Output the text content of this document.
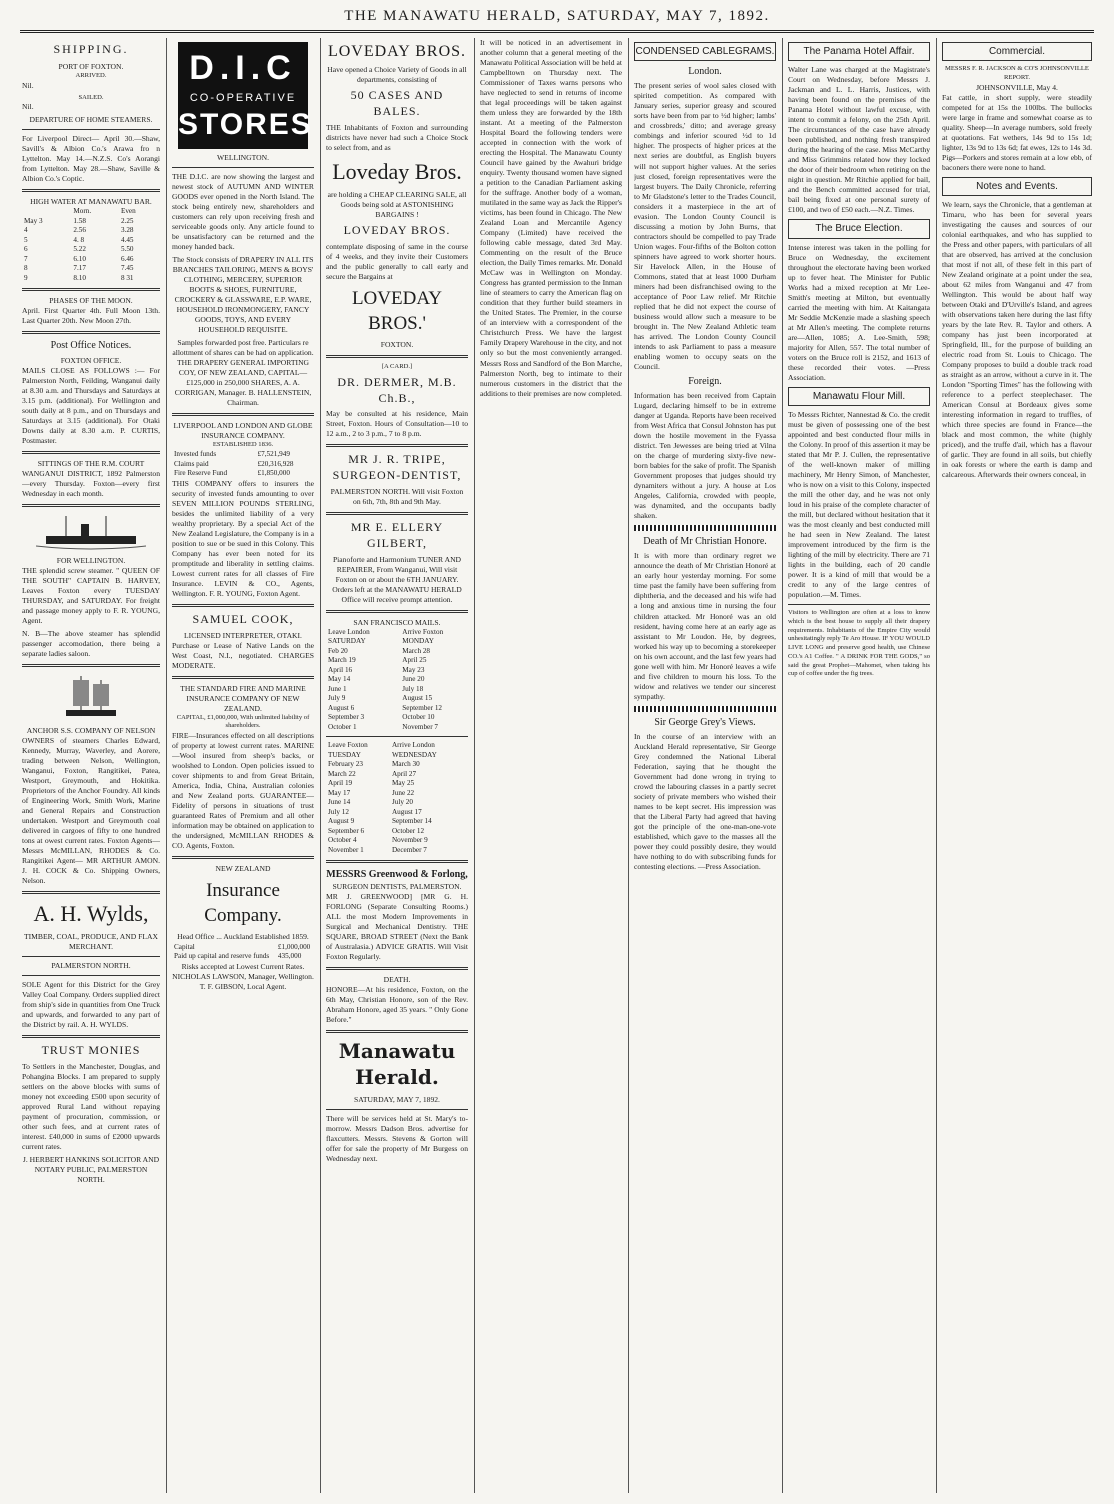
THE MANAWATU HERALD, SATURDAY, MAY 7, 1892.
SHIPPING.
PORT OF FOXTON.
ARRIVED.

Nil.

SAILED.

Nil.

DEPARTURE OF HOME STEAMERS.

For Liverpool Direct— April 30.—Shaw, Savill's & Albion Co.'s Arawa fro n Lyttelton. May 14.—N.Z.S. Co's Aorangi from Lyttelton. May 28.—Shaw, Saville & Albion Co.'s Coptic.

HIGH WATER AT MANAWATU BAR.
	Morn.	Even
May 3	1.58	2.25
4	2.56	3.28
5	4. 8	4.45
6	5.22	5.50
7	6.10	6.46
8	7.17	7.45
9	8.10	8 31
PHASES OF THE MOON.

April. First Quarter 4th. Full Moon 13th. Last Quarter 20th. New Moon 27th.

Post Office Notices.
FOXTON OFFICE.

MAILS CLOSE AS FOLLOWS :— For Palmerston North, Feilding, Wanganui daily at 8.30 a.m. and Thursdays and Saturdays at 3.15 p.m. (additional). For Wellington and south daily at 8 p.m., and on Thursdays and Saturdays at 3.15 (additional). For Otaki Downs daily at 8.30 a.m. P. CURTIS, Postmaster.

SITTINGS OF THE R.M. COURT

WANGANUI DISTRICT, 1892 Palmerston—every Thursday. Foxton—every first Wednesday in each month.

FOR WELLINGTON.

THE splendid screw steamer. " QUEEN OF THE SOUTH" CAPTAIN B. HARVEY, Leaves Foxton every TUESDAY THURSDAY, and SATURDAY. For freight and passage money apply to F. R. YOUNG, Agent.

N. B—The above steamer has splendid passenger accomodation, there being a separate ladies saloon.

ANCHOR S.S. COMPANY OF NELSON

OWNERS of steamers Charles Edward, Kennedy, Murray, Waverley, and Aorere, trading between Nelson, Wellington, Wanganui, Foxton, Rangitikei, Patea, Westport, Greymouth, and Hokitika. Proprietors of the Anchor Foundry. All kinds of Engineering Work, Smith Work, Marine and General Repairs and Construction undertaken. Westport and Greymouth coal delivered in cargoes of fifty to one hundred tons at owest current rates. Foxton Agents— Messrs McMILLAN, RHODES & Co. Rangitikei Agent— MR ARTHUR AMON. J. H. COCK & Co. Shipping Owners, Nelson.

A. H. Wylds,
TIMBER, COAL, PRODUCE, AND FLAX MERCHANT.
PALMERSTON NORTH.

SOLE Agent for this District for the Grey Valley Coal Company. Orders supplied direct from ship's side in quantities from One Truck and upwards, and forwarded to any part of the District by rail. A. H. WYLDS.

TRUST MONIES

To Settlers in the Manchester, Douglas, and Pohangina Blocks. I am prepared to supply settlers on the above blocks with sums of money not exceeding £500 upon security of approved Rural Land without repaying payment of procuration, commission, or other such fees, and at current rates of interest. £40,000 in sums of £2000 upwards current rates.

J. HERBERT HANKINS SOLICITOR AND NOTARY PUBLIC, PALMERSTON NORTH.

D.I.C
CO-OPERATIVE
STORES
WELLINGTON.

THE D.I.C. are now showing the largest and newest stock of AUTUMN AND WINTER GOODS ever opened in the North Island. The stock being entirely new, shareholders and customers can rely upon receiving fresh and serviceable goods only. Any article found to be unsatisfactory can be returned and the money handed back.

The Stock consists of DRAPERY IN ALL ITS BRANCHES TAILORING, MEN'S & BOYS' CLOTHING, MERCERY, SUPERIOR BOOTS & SHOES, FURNITURE, CROCKERY & GLASSWARE, E.P. WARE, HOUSEHOLD IRONMONGERY, FANCY GOODS, TOYS, AND EVERY HOUSEHOLD REQUISITE.

Samples forwarded post free. Particulars re allottment of shares can be had on application. THE DRAPERY GENERAL IMPORTING COY, OF NEW ZEALAND, CAPITAL—£125,000 in 250,000 SHARES, A. A. CORRIGAN, Manager. B. HALLENSTEIN, Chairman.

LIVERPOOL AND LONDON AND GLOBE INSURANCE COMPANY.
ESTABLISHED 1836.
Invested funds	£7,521,949
Claims paid	£20,316,928
Fire Reserve Fund	£1,850,000

THIS COMPANY offers to insurers the security of invested funds amounting to over SEVEN MILLION POUNDS STERLING, besides the unlimited liability of a very wealthy proprietary. By a special Act of the New Zealand Legislature, the Company is in a position to sue or be sued in this Colony. This Company has ever been noted for its promptitude and liberality in settling claims. Lowest current rates for all classes of Fire Insurance. LEVIN & CO., Agents, Wellington. F. R. YOUNG, Foxton Agent.

SAMUEL COOK,
LICENSED INTERPRETER, OTAKI.

Purchase or Lease of Native Lands on the West Coast, N.I., negotiated. CHARGES MODERATE.

THE STANDARD FIRE AND MARINE INSURANCE COMPANY OF NEW ZEALAND.
CAPITAL, £1,000,000, With unlimited liability of shareholders.

FIRE—Insurances effected on all descriptions of property at lowest current rates. MARINE—Wool insured from sheep's backs, or woolshed to London. Open policies issued to cover shipments to and from Great Britain, America, India, China, Australian colonies and New Zealand ports. GUARANTEE—Fidelity of persons in situations of trust guaranteed Rates of Premium and all other information may be obtained on application to the undersigned, McMILLAN RHODES & CO. Agents, Foxton.

NEW ZEALAND
Insurance Company.
Head Office ... Auckland Established 1859.
Capital	£1,000,000
Paid up capital and reserve funds	435,000

Risks accepted at Lowest Current Rates. NICHOLAS LAWSON, Manager, Wellington. T. F. GIBSON, Local Agent.

LOVEDAY BROS.

Have opened a Choice Variety of Goods in all departments, consisting of

50 CASES AND BALES.

THE Inhabitants of Foxton and surrounding districts have never had such a Choice Stock to select from, and as

Loveday Bros.

are holding a CHEAP CLEARING SALE, all Goods being sold at ASTONISHING BARGAINS !

LOVEDAY BROS.

contemplate disposing of same in the course of 4 weeks, and they invite their Customers and the public generally to call early and secure the Bargains at

LOVEDAY BROS.'
FOXTON.
[A CARD.]
DR. DERMER, M.B. Ch.B.,

May be consulted at his residence, Main Street, Foxton. Hours of Consultation—10 to 12 a.m., 2 to 3 p.m., 7 to 8 p.m.

MR J. R. TRIPE, SURGEON-DENTIST,

PALMERSTON NORTH. Will visit Foxton on 6th, 7th, 8th and 9th May.

MR E. ELLERY GILBERT,

Pianoforte and Harmonium TUNER AND REPAIRER, From Wanganui, Will visit Foxton on or about the 6TH JANUARY. Orders left at the MANAWATU HERALD Office will receive prompt attention.

SAN FRANCISCO MAILS.
Leave London SATURDAY	Arrive Foxton MONDAY
Feb 20	March 28
March 19	April 25
April 16	May 23
May 14	June 20
June 1	July 18
July 9	August 15
August 6	September 12
September 3	October 10
October 1	November 7
Leave Foxton TUESDAY	Arrive London WEDNESDAY
February 23	March 30
March 22	April 27
April 19	May 25
May 17	June 22
June 14	July 20
July 12	August 17
August 9	September 14
September 6	October 12
October 4	November 9
November 1	December 7
MESSRS Greenwood & Forlong,
SURGEON DENTISTS, PALMERSTON.

MR J. GREENWOOD] [MR G. H. FORLONG (Separate Consulting Rooms.) ALL the most Modern Improvements in Surgical and Mechanical Dentistry. THE SQUARE, BROAD STREET (Next the Bank of Australasia.) ADVICE GRATIS. Will Visit Foxton Regularly.

DEATH.

HONORE—At his residence, Foxton, on the 6th May, Christian Honore, son of the Rev. Abraham Honore, aged 35 years. " Only Gone Before."

Manawatu Herald.
SATURDAY, MAY 7, 1892.

There will be services held at St. Mary's to-morrow. Messrs Dadson Bros. advertise for flaxcutters. Messrs. Stevens & Gorton will offer for sale the property of Mr Burgess on Wednesday next.

It will be noticed in an advertisement in another column that a general meeting of the Manawatu Political Association will be held at Campbelltown on Thursday next. The Commissioner of Taxes warns persons who have neglected to send in returns of income that legal proceedings will be taken against them unless they are forwarded by the 18th instant. At a meeting of the Palmerston Hospital Board the following tenders were accepted in connection with the work of erecting the Hospital. The Manawatu County Council have gained by the Awahuri bridge enquiry. Twenty thousand women have signed a petition to the Canadian Parliament asking for the suffrage. Another body of a woman, mutilated in the same way as Jack the Ripper's victims, has been found in Chicago. The New Zealand Loan and Mercantile Agency Company (Limited) have received the following cable message, dated 3rd May. Commenting on the result of the Bruce election, the Daily Times remarks. Mr. Donald McCaw was in Wellington on Monday. Congress has granted permission to the Inman line of steamers to carry the American flag on condition that they further build steamers in the United States. The Premier, in the course of an interview with a correspondent of the Christchurch Press. We have the largest Family Drapery Warehouse in the city, and not only so but the most conveniently arranged. Messrs Ross and Sandford of the Bon Marche, Palmerston North, beg to intimate to their numerous customers in the district that the additions to their premises are now completed.

CONDENSED CABLEGRAMS.
London.

The present series of wool sales closed with spirited competition. As compared with January series, superior greasy and scoured sorts have been from par to ½d higher; lambs' and crossbreds,' ditto; and average greasy combings and inferior scoured ½d to 1d higher. The prospects of higher prices at the next series are doubtful, as English buyers will not support higher values. At the series just closed, foreign representatives were the largest buyers. The Daily Chronicle, referring to Mr Gladstone's letter to the Trades Council, considers it a masterpiece in the art of evasion. The London County Council is discussing a motion by John Burns, that contractors should be compelled to pay Trade Union wages. Four-fifths of the Bolton cotton spinners have agreed to work shorter hours. Sir Havelock Allen, in the House of Commons, stated that at least 1000 Durham miners had been disfranchised owing to the acceptance of Poor Law relief. Mr Ritchie replied that he did not expect the course of business would allow such a measure to be brought in. The New Zealand Athletic team has arrived. The London County Council intends to ask Parliament to pass a measure enabling women to occupy seats on the Council.

Foreign.

Information has been received from Captain Lugard, declaring himself to be in extreme danger at Uganda. Reports have been received from West Africa that Consul Johnston has put down the hostile movement in the Fyassa district. Ten Jewesses are being tried at Vilna on the charge of murdering sixty-five new-born babies for the sake of profit. The Spanish Government proposes that judges should try dynamiters without a jury. A house at Los Angeles, California, crowded with people, was dynamited, and the occupants badly shaken.

Death of Mr Christian Honore.

It is with more than ordinary regret we announce the death of Mr Christian Honoré at an early hour yesterday morning. For some time past the family have been suffering from diphtheria, and the deceased and his wife had a long and anxious time in nursing the four children attacked. Mr Honoré was an old resident, having come here at an early age as assistant to Mr Loudon. He, by degrees, worked his way up to becoming a storekeeper on his own account, and the last few years had gone well with him. Mr Honoré leaves a wife and five children to mourn his loss. To the widow and relatives we tender our sincerest sympathy.

Sir George Grey's Views.

In the course of an interview with an Auckland Herald representative, Sir George Grey condemned the National Liberal Federation, saying that he thought the Government had done wrong in trying to crowd the labouring classes in a partly secret society of private members who wished their names to be kept secret. His impression was that the Liberal Party had agreed that having got the principle of the one-man-one-vote established, which gave to the masses all the power they could possibly desire, they would have nothing to do with subscribing funds for contesting elections. —Press Association.

The Panama Hotel Affair.

Walter Lane was charged at the Magistrate's Court on Wednesday, before Messrs J. Jackman and L. L. Harris, Justices, with having been found on the premises of the Panama Hotel without lawful excuse, with intent to commit a felony, on the 25th April. The circumstances of the case have already been published, and nothing fresh transpired during the hearing of the case. Miss McCarthy and Miss Grimmins related how they locked the door of their bedroom when retiring on the night in question. Mr Ritchie applied for bail, and the Bench committed accused for trial, bail being fixed at one personal surety of £100, and two of £50 each.—N.Z. Times.

The Bruce Election.

Intense interest was taken in the polling for Bruce on Wednesday, the excitement throughout the electorate having been worked up to fever heat. The Minister for Public Works had a mixed reception at Mr Lee-Smith's meeting at Milton, but eventually carried the meeting with him. At Kaitangata Mr Seddie McKenzie made a slashing speech at Mr Allen's meeting. The complete returns are—Allen, 1085; A. Lee-Smith, 598; majority for Allen, 557. The total number of voters on the Bruce roll is 2152, and 1613 of these recorded their votes. —Press Association.

Manawatu Flour Mill.

To Messrs Richter, Nannestad & Co. the credit must be given of possessing one of the best appointed and best conducted flour mills in the Colony. In proof of this assertion it may be stated that Mr P. J. Cullen, the representative of the well-known maker of milling machinery, Mr Henry Simon, of Manchester, who is now on a visit to this Colony, inspected the mill the other day, and he was not only loud in his praise of the complete character of the mill, but declared without hesitation that it was the most cleanly and best conducted mill he had seen in New Zealand. The latest improvement introduced by the firm is the lighting of the mill by electricity. There are 71 lights in the building, each of 20 candle power. It is a kind of mill that would be a credit to any of the large centres of population.—M. Times.

Visitors to Wellington are often at a loss to know which is the best house to supply all their drapery requirements. Inhabitants of the Empire City would unhesitatingly reply Te Aro House. IF YOU WOULD LIVE LONG and preserve good health, use Chinese CO.'s A1 Coffee. " A DRINK FOR THE GODS," so said the great Prophet—Mahomet, when taking his cup of coffee under the fig trees.

Commercial.
MESSRS F. R. JACKSON & CO'S JOHNSONVILLE REPORT.
JOHNSONVILLE, May 4.

Fat cattle, in short supply, were steadily competed for at 15s the 100lbs. The bullocks were large in frame and somewhat coarse as to quality. Sheep—In average numbers, sold freely at quotations. Fat wethers, 14s 9d to 15s 1d; lighter, 13s 9d to 13s 6d; fat ewes, 12s to 14s 3d. Pigs—Porkers and stores remain at a low ebb, of baconers there were none to hand.

Notes and Events.

We learn, says the Chronicle, that a gentleman at Timaru, who has been for several years investigating the causes and sources of our colonial earthquakes, and who has supplied to the Press and other papers, with particulars of all that are observed, has arrived at the conclusion that most if not all, of these felt in this part of New Zealand originate at a point under the sea, about 62 miles from Wanganui and 47 from Wellington. This would be about half way between Otaki and D'Urville's Island, and agrees with observations taken here during the last fifty years by the late Rev. R. Taylor and others. A company has just been incorporated at Springfield, Ill., for the purpose of building an electric road from St. Louis to Chicago. The Company proposes to build a double track road as straight as an arrow, without a curve in it. The London "Sporting Times" has the following with reference to a perfect steeplechaser. The American Consul at Bordeaux gives some interesting information in regard to truffles, of which three species are found in France—the black and most common, the white (highly priced), and the truffe d'ail, which has a flavour of garlic. They are found in all soils, but chiefly in oak forests or where the earth is damp and calcareous. Afterwards their owners conceal, in
